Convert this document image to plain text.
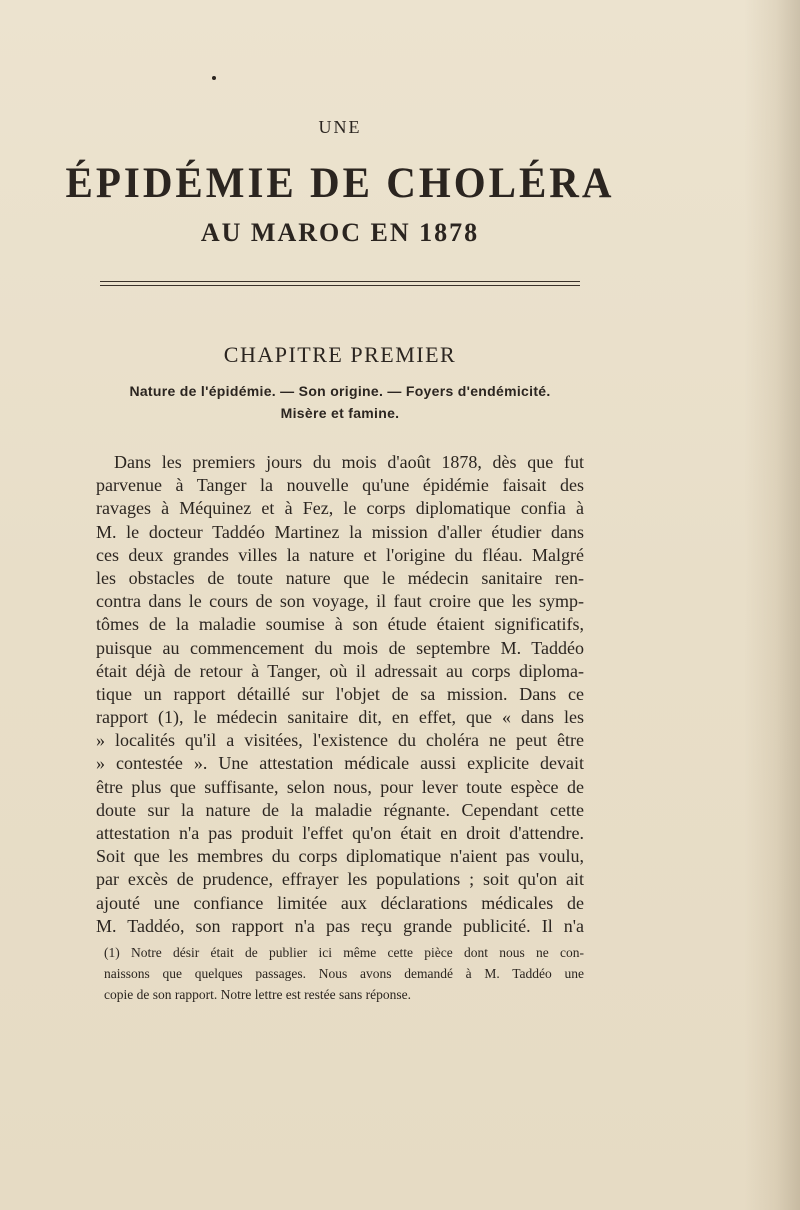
UNE
ÉPIDÉMIE DE CHOLÉRA
AU MAROC EN 1878
CHAPITRE PREMIER
Nature de l'épidémie. — Son origine. — Foyers d'endémicité.
Misère et famine.
Dans les premiers jours du mois d'août 1878, dès que fut
parvenue à Tanger la nouvelle qu'une épidémie faisait des
ravages à Méquinez et à Fez, le corps diplomatique confia à
M. le docteur Taddéo Martinez la mission d'aller étudier dans
ces deux grandes villes la nature et l'origine du fléau. Malgré
les obstacles de toute nature que le médecin sanitaire ren-
contra dans le cours de son voyage, il faut croire que les symp-
tômes de la maladie soumise à son étude étaient significatifs,
puisque au commencement du mois de septembre M. Taddéo
était déjà de retour à Tanger, où il adressait au corps diploma-
tique un rapport détaillé sur l'objet de sa mission. Dans ce
rapport (1), le médecin sanitaire dit, en effet, que « dans les
» localités qu'il a visitées, l'existence du choléra ne peut être
» contestée ». Une attestation médicale aussi explicite devait
être plus que suffisante, selon nous, pour lever toute espèce de
doute sur la nature de la maladie régnante. Cependant cette
attestation n'a pas produit l'effet qu'on était en droit d'attendre.
Soit que les membres du corps diplomatique n'aient pas voulu,
par excès de prudence, effrayer les populations ; soit qu'on ait
ajouté une confiance limitée aux déclarations médicales de
M. Taddéo, son rapport n'a pas reçu grande publicité. Il n'a
(1) Notre désir était de publier ici même cette pièce dont nous ne con-
naissons que quelques passages. Nous avons demandé à M. Taddéo une
copie de son rapport. Notre lettre est restée sans réponse.
